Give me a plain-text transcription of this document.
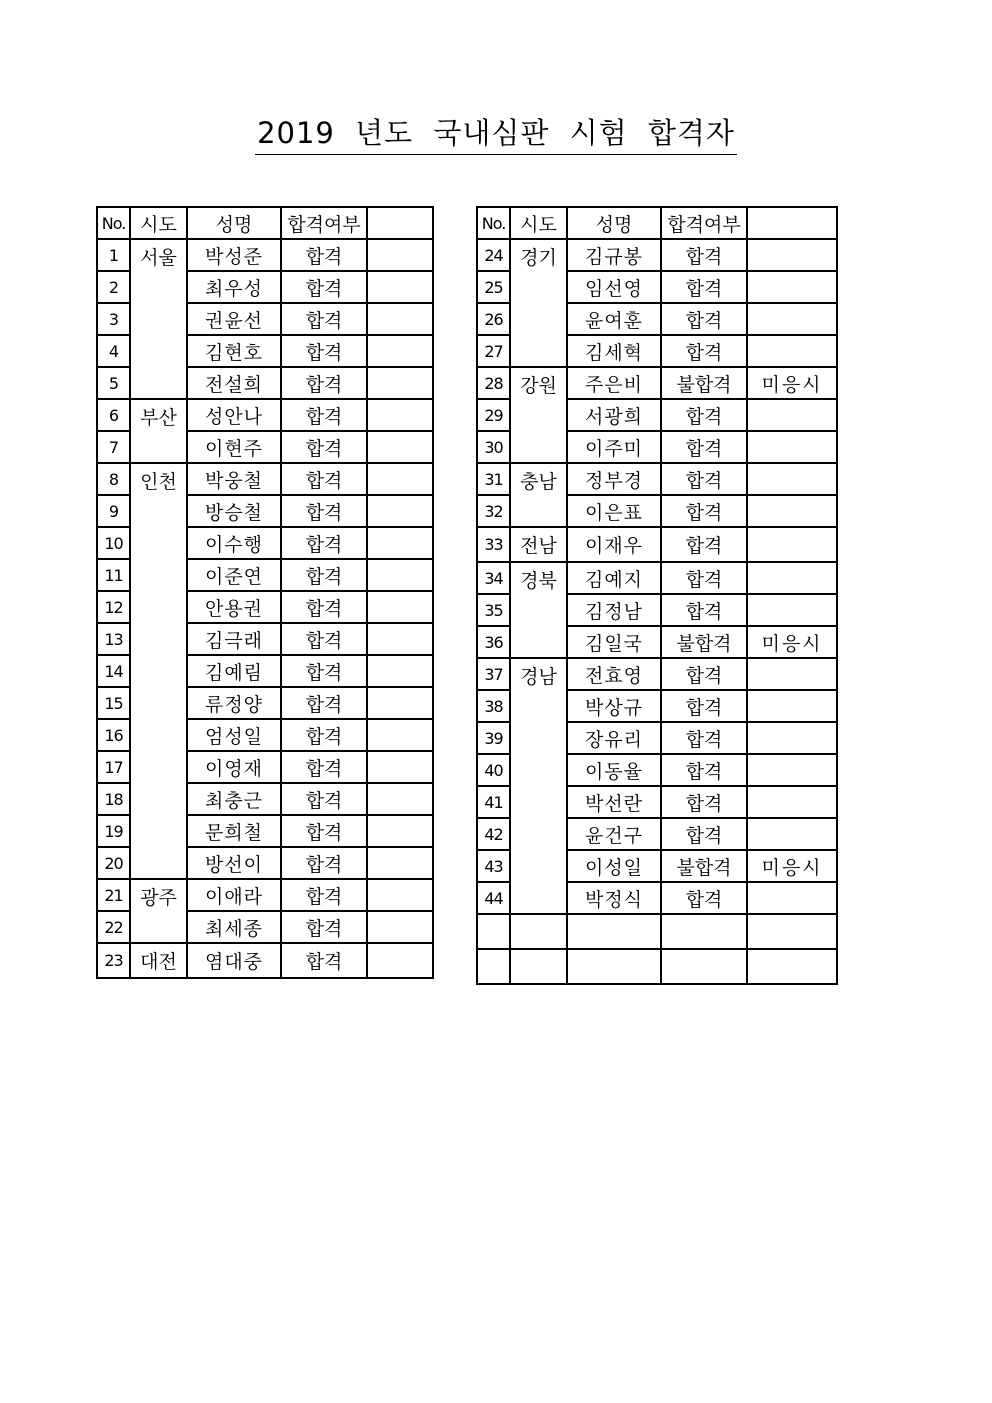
2019 년도 국내심판 시험 합격자
No.	시도	성명	합격여부	
1	서울	박성준	합격	
2		최우성	합격	
3		권윤선	합격	
4		김현호	합격	
5		전설희	합격	
6	부산	성안나	합격	
7		이현주	합격	
8	인천	박웅철	합격	
9		방승철	합격	
10		이수행	합격	
11		이준연	합격	
12		안용권	합격	
13		김극래	합격	
14		김예림	합격	
15		류정양	합격	
16		엄성일	합격	
17		이영재	합격	
18		최충근	합격	
19		문희철	합격	
20		방선이	합격	
21	광주	이애라	합격	
22		최세종	합격	
23	대전	염대중	합격	
No.	시도	성명	합격여부	
24	경기	김규봉	합격	
25		임선영	합격	
26		윤여훈	합격	
27		김세혁	합격	
28	강원	주은비	불합격	미응시
29		서광희	합격	
30		이주미	합격	
31	충남	정부경	합격	
32		이은표	합격	
33	전남	이재우	합격	
34	경북	김예지	합격	
35		김정남	합격	
36		김일국	불합격	미응시
37	경남	전효영	합격	
38		박상규	합격	
39		장유리	합격	
40		이동율	합격	
41		박선란	합격	
42		윤건구	합격	
43		이성일	불합격	미응시
44		박정식	합격	
